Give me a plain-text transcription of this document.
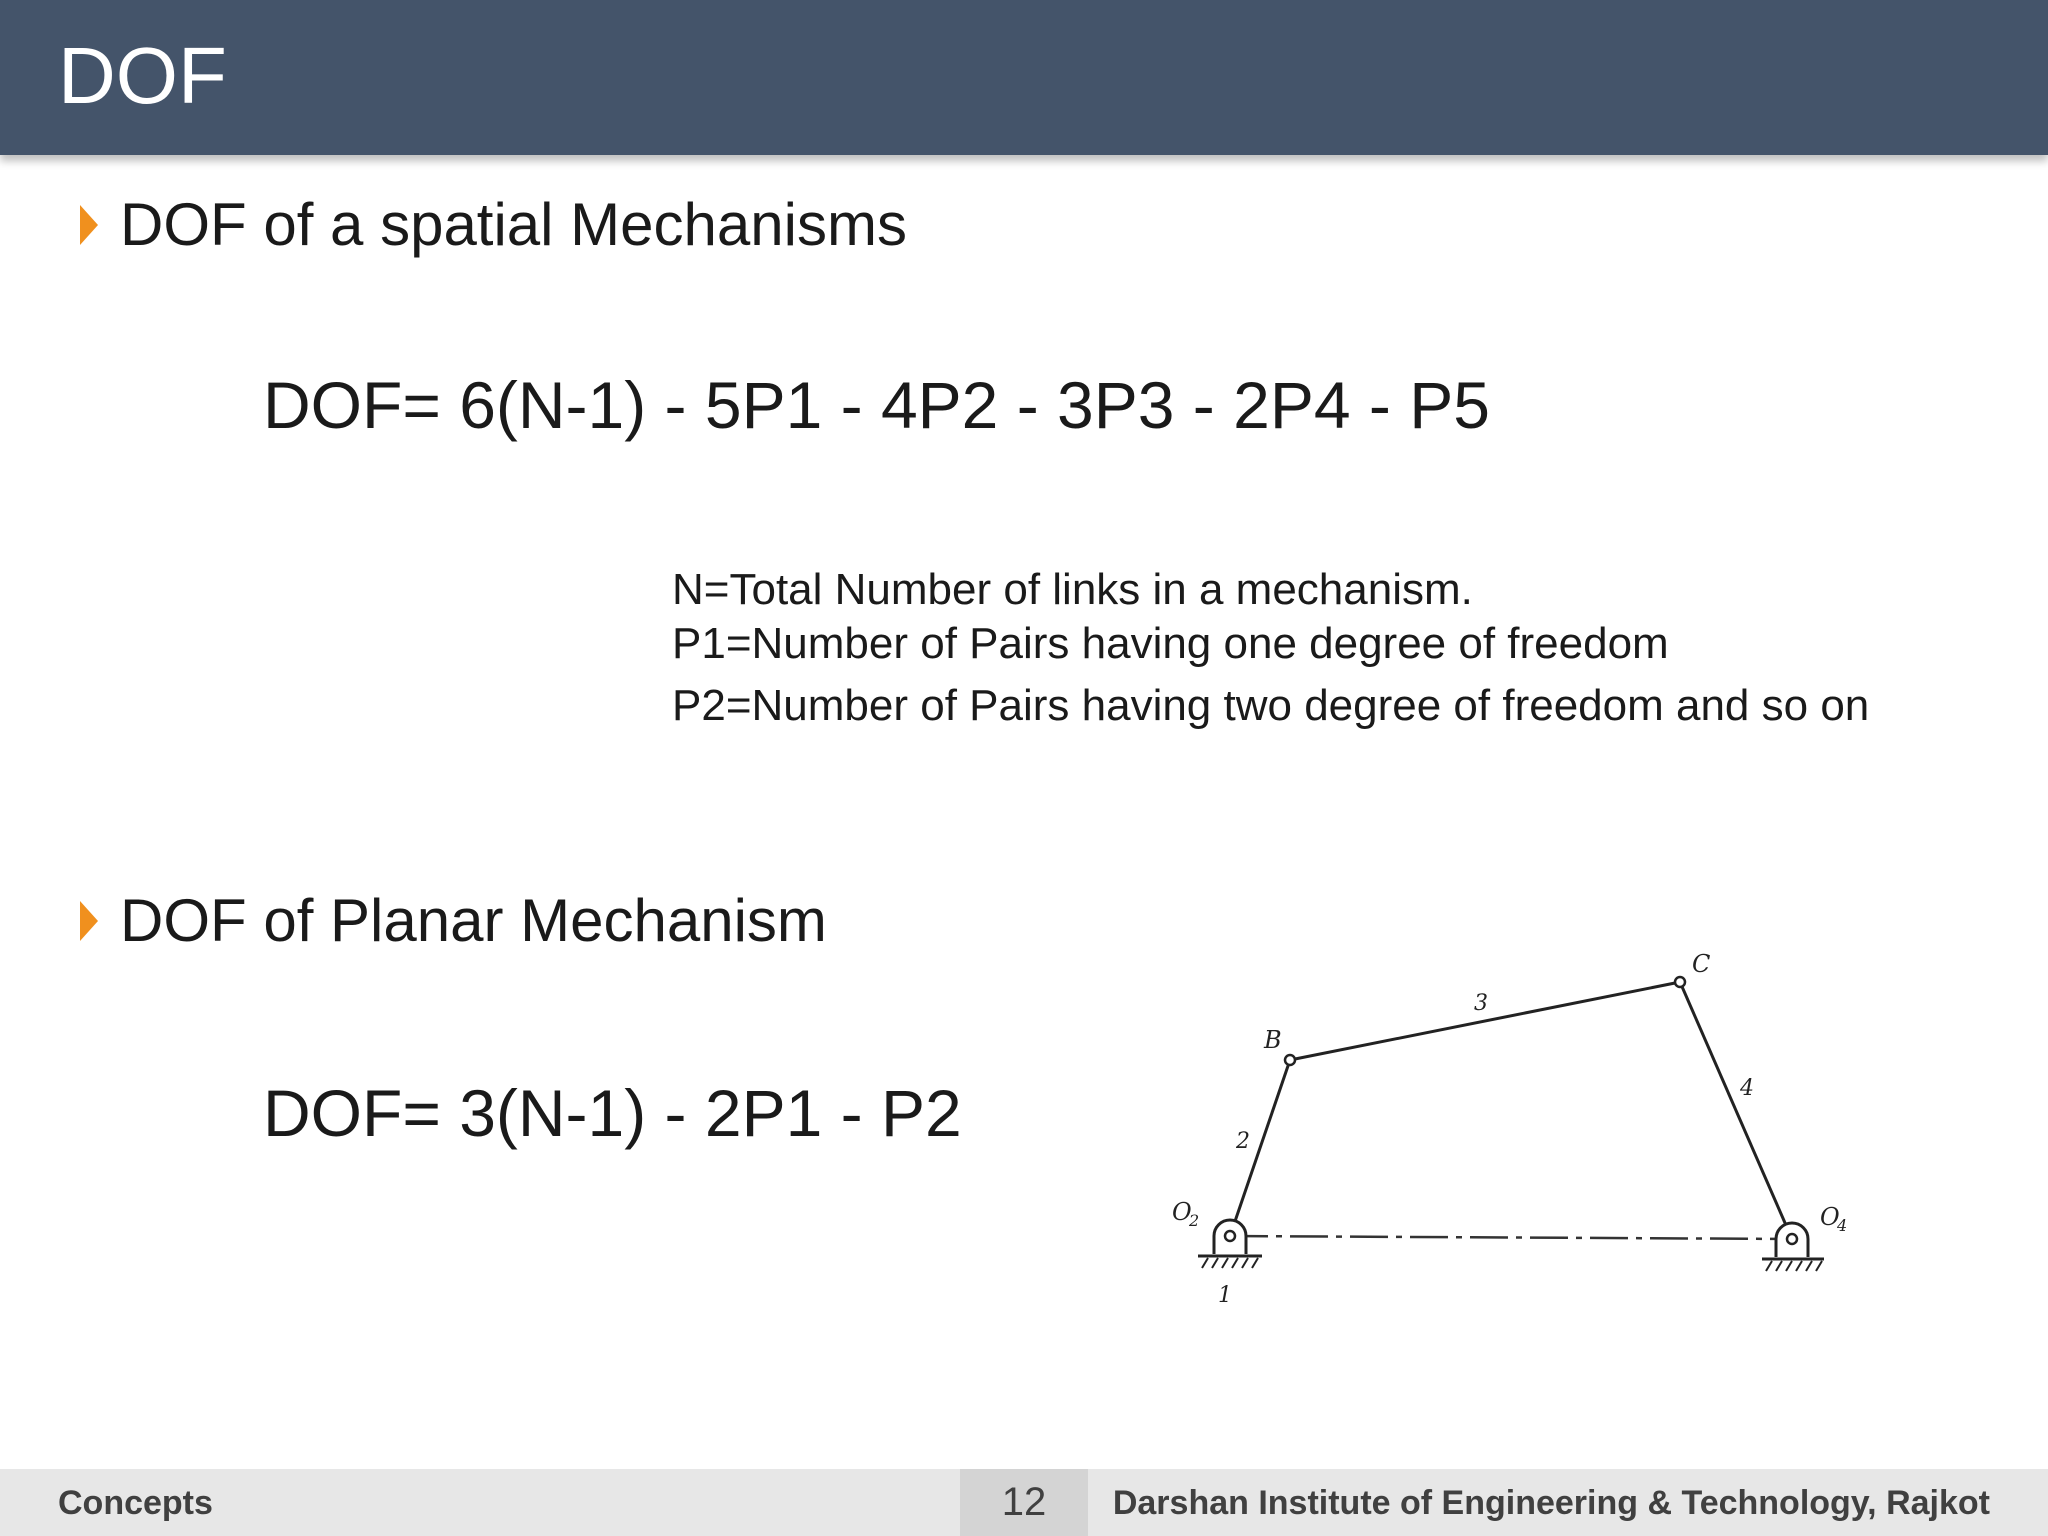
DOF
DOF of a spatial Mechanisms
DOF= 6(N-1) - 5P1 - 4P2 - 3P3 - 2P4 - P5
N=Total Number of links in a mechanism.
P1=Number of Pairs having one degree of freedom
P2=Number of Pairs having two degree of freedom and so on
DOF of Planar Mechanism
DOF= 3(N-1) - 2P1 - P2
B
C
O
2	O
4
1
2
3
4
Concepts	12	Darshan Institute of Engineering & Technology, Rajkot
